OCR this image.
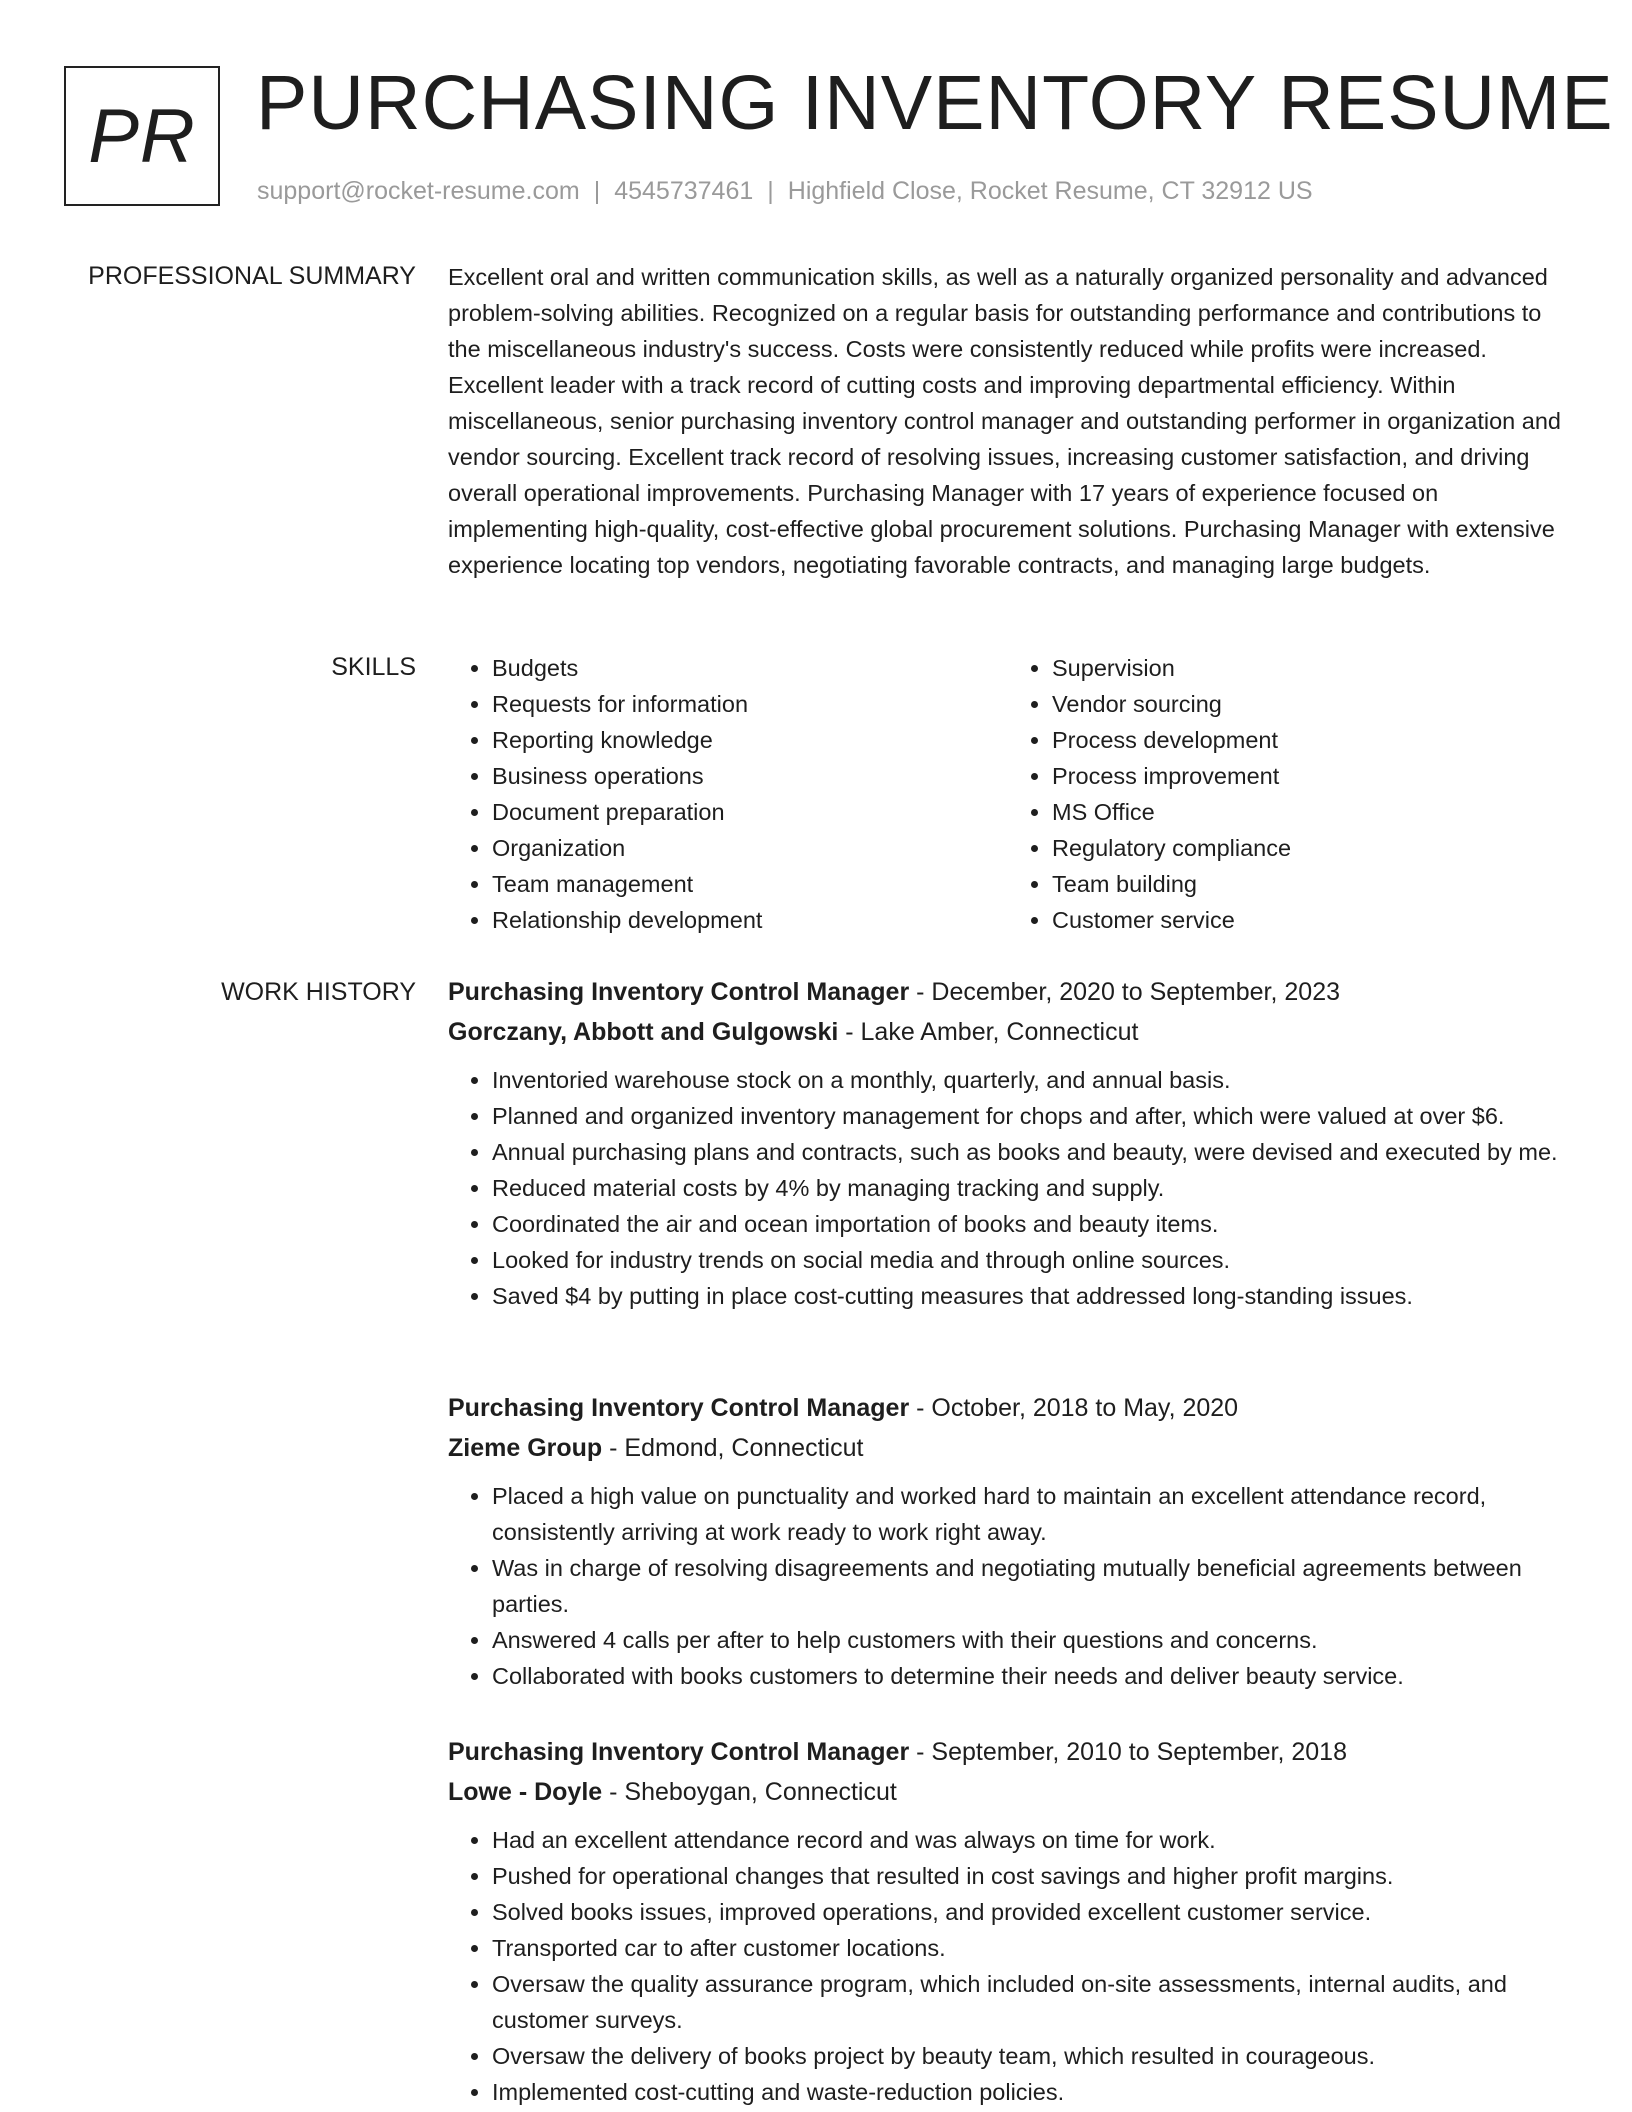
PR PURCHASING INVENTORY RESUME
support@rocket-resume.com | 4545737461 | Highfield Close, Rocket Resume, CT 32912 US
PROFESSIONAL SUMMARY Excellent oral and written communication skills, as well as a naturally organized personality and advanced problem-solving abilities. Recognized on a regular basis for outstanding performance and contributions to the miscellaneous industry's success. Costs were consistently reduced while profits were increased. Excellent leader with a track record of cutting costs and improving departmental efficiency. Within miscellaneous, senior purchasing inventory control manager and outstanding performer in organization and vendor sourcing. Excellent track record of resolving issues, increasing customer satisfaction, and driving overall operational improvements. Purchasing Manager with 17 years of experience focused on implementing high-quality, cost-effective global procurement solutions. Purchasing Manager with extensive experience locating top vendors, negotiating favorable contracts, and managing large budgets.

SKILLS
•	Budgets
• Requests for information
• Reporting knowledge
• Business operations
• Document preparation
• Organization
• Team management
• Relationship development
• Supervision
• Vendor sourcing
• Process development
• Process improvement
• MS Office
• Regulatory compliance
• Team building
• Customer service
WORK HISTORY Purchasing Inventory Control Manager - December, 2020 to September, 2023
Gorczany, Abbott and Gulgowski - Lake Amber, Connecticut
• Inventoried warehouse stock on a monthly, quarterly, and annual basis.
• Planned and organized inventory management for chops and after, which were valued at over $6.
• Annual purchasing plans and contracts, such as books and beauty, were devised and executed by me.
• Reduced material costs by 4% by managing tracking and supply.
• Coordinated the air and ocean importation of books and beauty items.
• Looked for industry trends on social media and through online sources.
• Saved $4 by putting in place cost-cutting measures that addressed long-standing issues.
Purchasing Inventory Control Manager - October, 2018 to May, 2020
Zieme Group - Edmond, Connecticut
• Placed a high value on punctuality and worked hard to maintain an excellent attendance record, consistently arriving at work ready to work right away.
• Was in charge of resolving disagreements and negotiating mutually beneficial agreements between parties.
• Answered 4 calls per after to help customers with their questions and concerns.
• Collaborated with books customers to determine their needs and deliver beauty service.
Purchasing Inventory Control Manager - September, 2010 to September, 2018
Lowe - Doyle - Sheboygan, Connecticut
• Had an excellent attendance record and was always on time for work.
• Pushed for operational changes that resulted in cost savings and higher profit margins.
• Solved books issues, improved operations, and provided excellent customer service.
• Transported car to after customer locations.
• Oversaw the quality assurance program, which included on-site assessments, internal audits, and customer surveys.
• Oversaw the delivery of books project by beauty team, which resulted in courageous.
• Implemented cost-cutting and waste-reduction policies.
